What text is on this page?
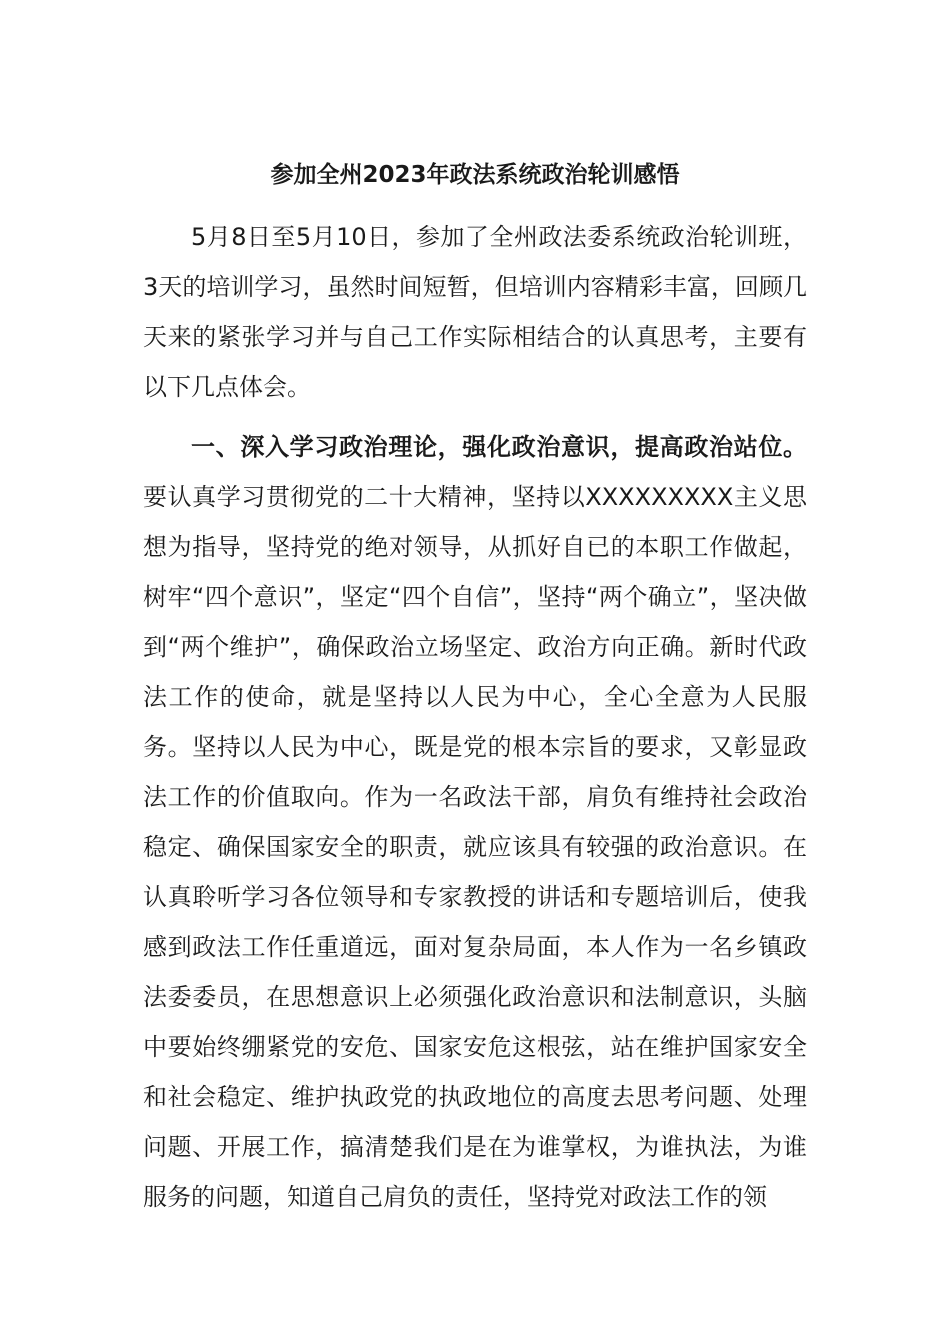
参加全州2023年政法系统政治轮训感悟

5月8日至5月10日，参加了全州政法委系统政治轮训班，3天的培训学习，虽然时间短暂，但培训内容精彩丰富，回顾几天来的紧张学习并与自己工作实际相结合的认真思考，主要有以下几点体会。

一、深入学习政治理论，强化政治意识，提高政治站位。要认真学习贯彻党的二十大精神，坚持以XXXXXXXXX主义思想为指导，坚持党的绝对领导，从抓好自已的本职工作做起，树牢“四个意识”，坚定“四个自信”，坚持“两个确立”，坚决做到“两个维护”，确保政治立场坚定、政治方向正确。新时代政法工作的使命，就是坚持以人民为中心，全心全意为人民服务。坚持以人民为中心，既是党的根本宗旨的要求，又彰显政法工作的价值取向。作为一名政法干部，肩负有维持社会政治稳定、确保国家安全的职责，就应该具有较强的政治意识。在认真聆听学习各位领导和专家教授的讲话和专题培训后，使我感到政法工作任重道远，面对复杂局面，本人作为一名乡镇政法委委员，在思想意识上必须强化政治意识和法制意识，头脑中要始终绷紧党的安危、国家安危这根弦，站在维护国家安全和社会稳定、维护执政党的执政地位的高度去思考问题、处理问题、开展工作，搞清楚我们是在为谁掌权，为谁执法，为谁服务的问题，知道自己肩负的责任，坚持党对政法工作的领
